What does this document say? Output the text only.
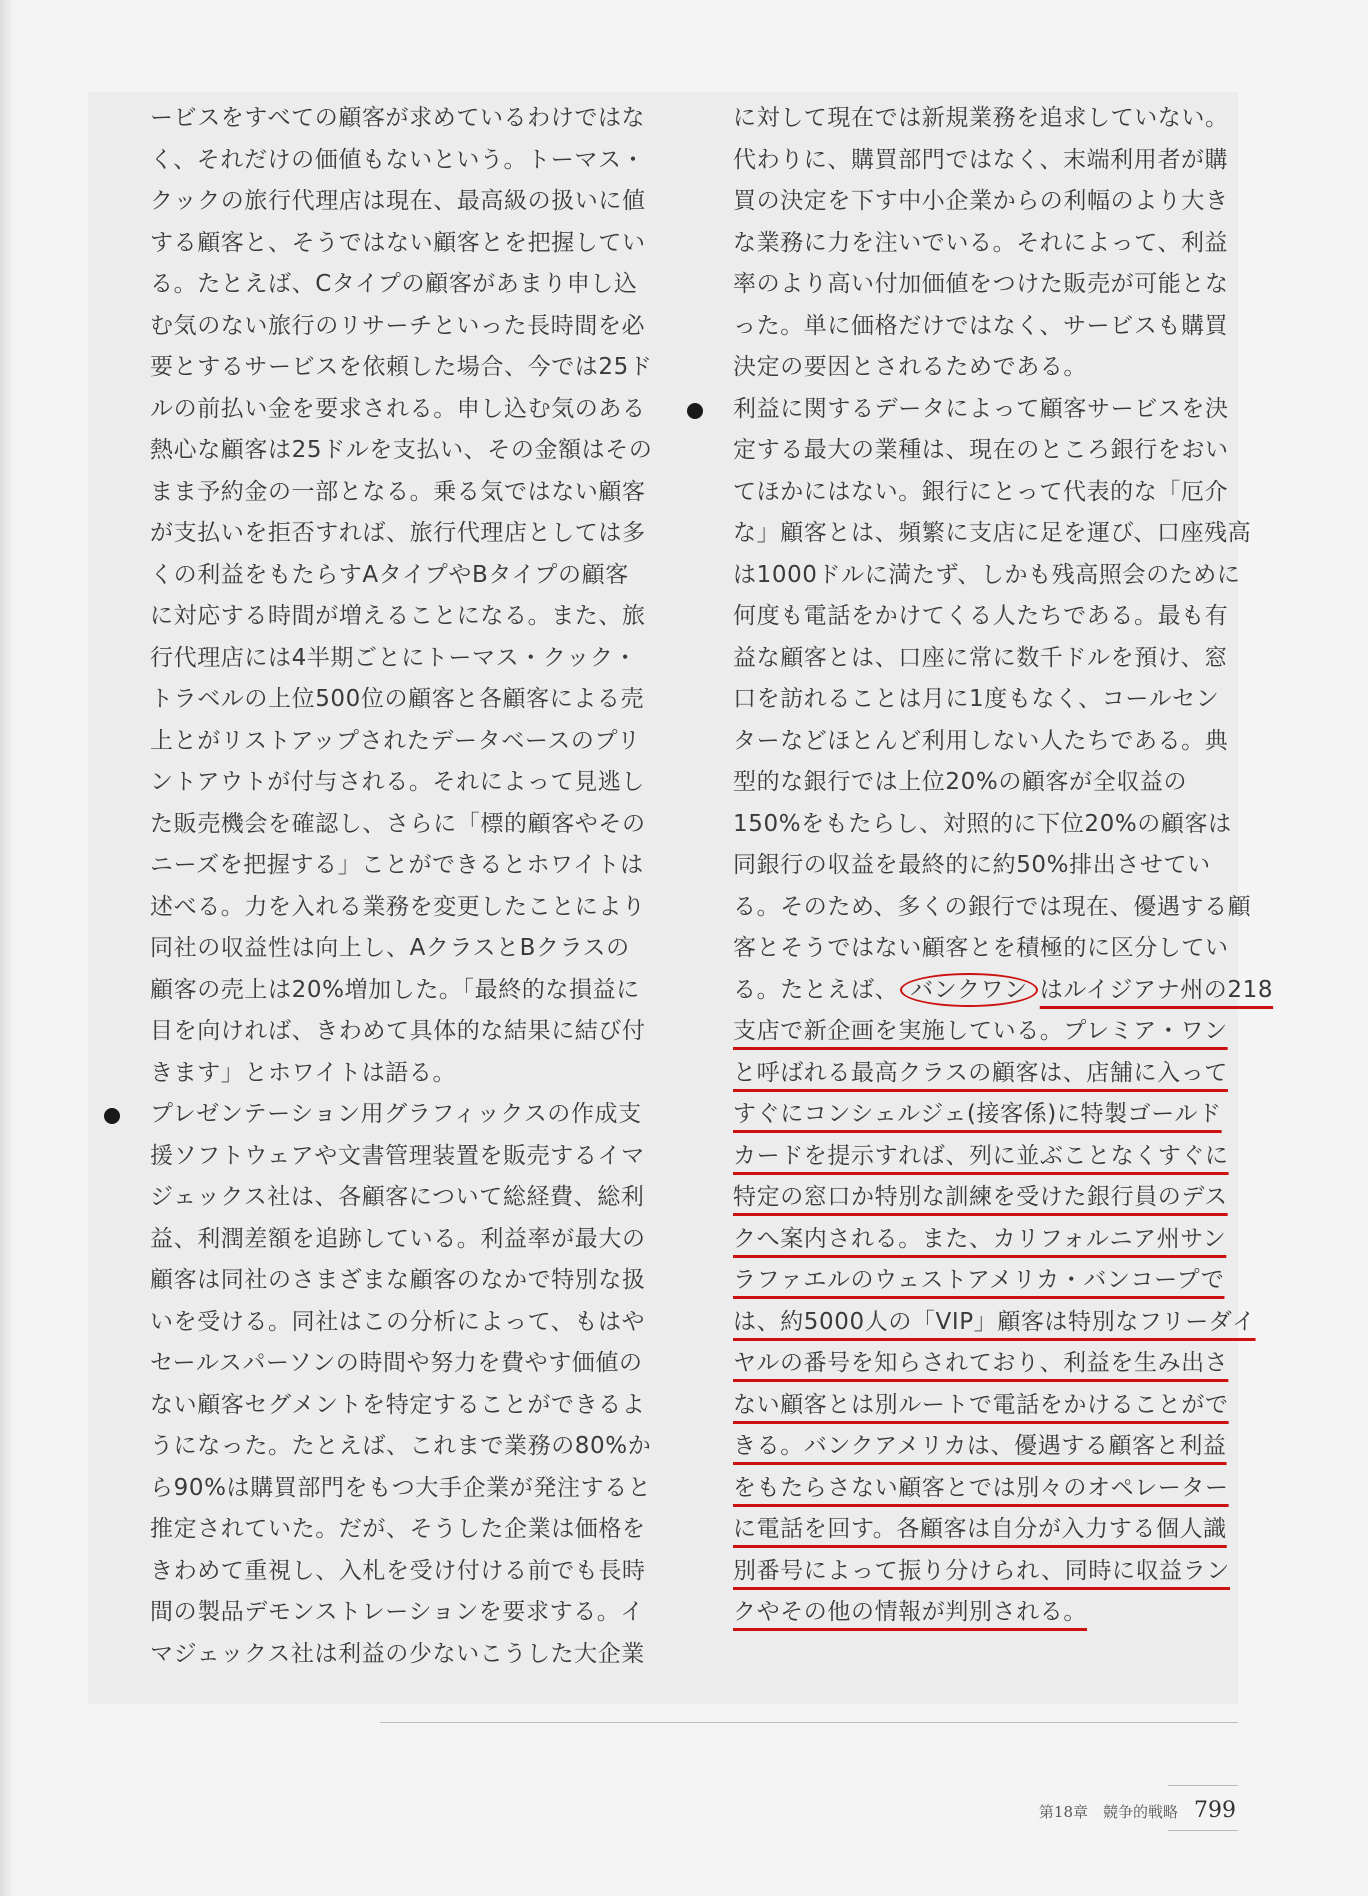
ービスをすべての顧客が求めているわけではな
く、それだけの価値もないという。トーマス・
クックの旅行代理店は現在、最高級の扱いに値
する顧客と、そうではない顧客とを把握してい
る。たとえば、Cタイプの顧客があまり申し込
む気のない旅行のリサーチといった長時間を必
要とするサービスを依頼した場合、今では25ド
ルの前払い金を要求される。申し込む気のある
熱心な顧客は25ドルを支払い、その金額はその
まま予約金の一部となる。乗る気ではない顧客
が支払いを拒否すれば、旅行代理店としては多
くの利益をもたらすAタイプやBタイプの顧客
に対応する時間が増えることになる。また、旅
行代理店には4半期ごとにトーマス・クック・
トラベルの上位500位の顧客と各顧客による売
上とがリストアップされたデータベースのプリ
ントアウトが付与される。それによって見逃し
た販売機会を確認し、さらに「標的顧客やその
ニーズを把握する」ことができるとホワイトは
述べる。力を入れる業務を変更したことにより
同社の収益性は向上し、AクラスとBクラスの
顧客の売上は20%増加した。「最終的な損益に
目を向ければ、きわめて具体的な結果に結び付
きます」とホワイトは語る。
プレゼンテーション用グラフィックスの作成支
援ソフトウェアや文書管理装置を販売するイマ
ジェックス社は、各顧客について総経費、総利
益、利潤差額を追跡している。利益率が最大の
顧客は同社のさまざまな顧客のなかで特別な扱
いを受ける。同社はこの分析によって、もはや
セールスパーソンの時間や努力を費やす価値の
ない顧客セグメントを特定することができるよ
うになった。たとえば、これまで業務の80%か
ら90%は購買部門をもつ大手企業が発注すると
推定されていた。だが、そうした企業は価格を
きわめて重視し、入札を受け付ける前でも長時
間の製品デモンストレーションを要求する。イ
マジェックス社は利益の少ないこうした大企業
に対して現在では新規業務を追求していない。
代わりに、購買部門ではなく、末端利用者が購
買の決定を下す中小企業からの利幅のより大き
な業務に力を注いでいる。それによって、利益
率のより高い付加価値をつけた販売が可能とな
った。単に価格だけではなく、サービスも購買
決定の要因とされるためである。
利益に関するデータによって顧客サービスを決
定する最大の業種は、現在のところ銀行をおい
てほかにはない。銀行にとって代表的な「厄介
な」顧客とは、頻繁に支店に足を運び、口座残高
は1000ドルに満たず、しかも残高照会のために
何度も電話をかけてくる人たちである。最も有
益な顧客とは、口座に常に数千ドルを預け、窓
口を訪れることは月に1度もなく、コールセン
ターなどほとんど利用しない人たちである。典
型的な銀行では上位20%の顧客が全収益の
150%をもたらし、対照的に下位20%の顧客は
同銀行の収益を最終的に約50%排出させてい
る。そのため、多くの銀行では現在、優遇する顧
客とそうではない顧客とを積極的に区分してい
る。たとえば、 バンクワン はルイジアナ州の218
支店で新企画を実施している。プレミア・ワン
と呼ばれる最高クラスの顧客は、店舗に入って
すぐにコンシェルジェ(接客係)に特製ゴールド
カードを提示すれば、列に並ぶことなくすぐに
特定の窓口か特別な訓練を受けた銀行員のデス
クへ案内される。また、カリフォルニア州サン
ラファエルのウェストアメリカ・バンコープで
は、約5000人の「VIP」顧客は特別なフリーダイ
ヤルの番号を知らされており、利益を生み出さ
ない顧客とは別ルートで電話をかけることがで
きる。バンクアメリカは、優遇する顧客と利益
をもたらさない顧客とでは別々のオペレーター
に電話を回す。各顧客は自分が入力する個人識
別番号によって振り分けられ、同時に収益ラン
クやその他の情報が判別される。
第18章　競争的戦略 799
